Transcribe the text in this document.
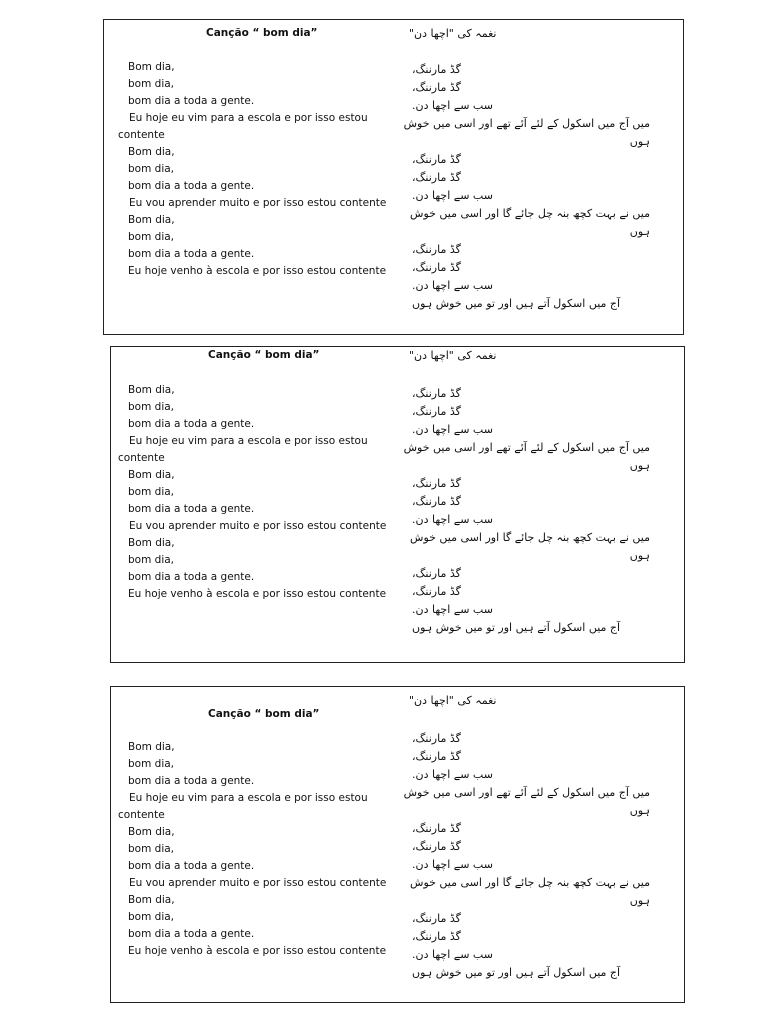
Canção “ bom dia”
Bom dia,
bom dia,
bom dia a toda a gente.
Eu hoje eu vim para a escola e por isso estou contente
Bom dia,
bom dia,
bom dia a toda a gente.
Eu vou aprender muito e por isso estou contente
Bom dia,
bom dia,
bom dia a toda a gente.
Eu hoje venho à escola e por isso estou contente
نغمہ کی "اچھا دن"
گڈ مارننگ،
گڈ مارننگ،
سب سے اچھا دن.
میں آج میں اسکول کے لئے آئے تھے اور اسی میں خوش ہوں
گڈ مارننگ،
گڈ مارننگ،
سب سے اچھا دن.
میں نے بہت کچھ بنہ چل جائے گا اور اسی میں خوش ہوں
گڈ مارننگ،
گڈ مارننگ،
سب سے اچھا دن.
آج میں اسکول آتے ہیں اور تو میں خوش ہوں
Canção “ bom dia”
Bom dia,
bom dia,
bom dia a toda a gente.
Eu hoje eu vim para a escola e por isso estou contente
Bom dia,
bom dia,
bom dia a toda a gente.
Eu vou aprender muito e por isso estou contente
Bom dia,
bom dia,
bom dia a toda a gente.
Eu hoje venho à escola e por isso estou contente
نغمہ کی "اچھا دن"
گڈ مارننگ،
گڈ مارننگ،
سب سے اچھا دن.
میں آج میں اسکول کے لئے آئے تھے اور اسی میں خوش ہوں
گڈ مارننگ،
گڈ مارننگ،
سب سے اچھا دن.
میں نے بہت کچھ بنہ چل جائے گا اور اسی میں خوش ہوں
گڈ مارننگ،
گڈ مارننگ،
سب سے اچھا دن.
آج میں اسکول آتے ہیں اور تو میں خوش ہوں
Canção “ bom dia”
Bom dia,
bom dia,
bom dia a toda a gente.
Eu hoje eu vim para a escola e por isso estou contente
Bom dia,
bom dia,
bom dia a toda a gente.
Eu vou aprender muito e por isso estou contente
Bom dia,
bom dia,
bom dia a toda a gente.
Eu hoje venho à escola e por isso estou contente
نغمہ کی "اچھا دن"
گڈ مارننگ،
گڈ مارننگ،
سب سے اچھا دن.
میں آج میں اسکول کے لئے آئے تھے اور اسی میں خوش ہوں
گڈ مارننگ،
گڈ مارننگ،
سب سے اچھا دن.
میں نے بہت کچھ بنہ چل جائے گا اور اسی میں خوش ہوں
گڈ مارننگ،
گڈ مارننگ،
سب سے اچھا دن.
آج میں اسکول آتے ہیں اور تو میں خوش ہوں
